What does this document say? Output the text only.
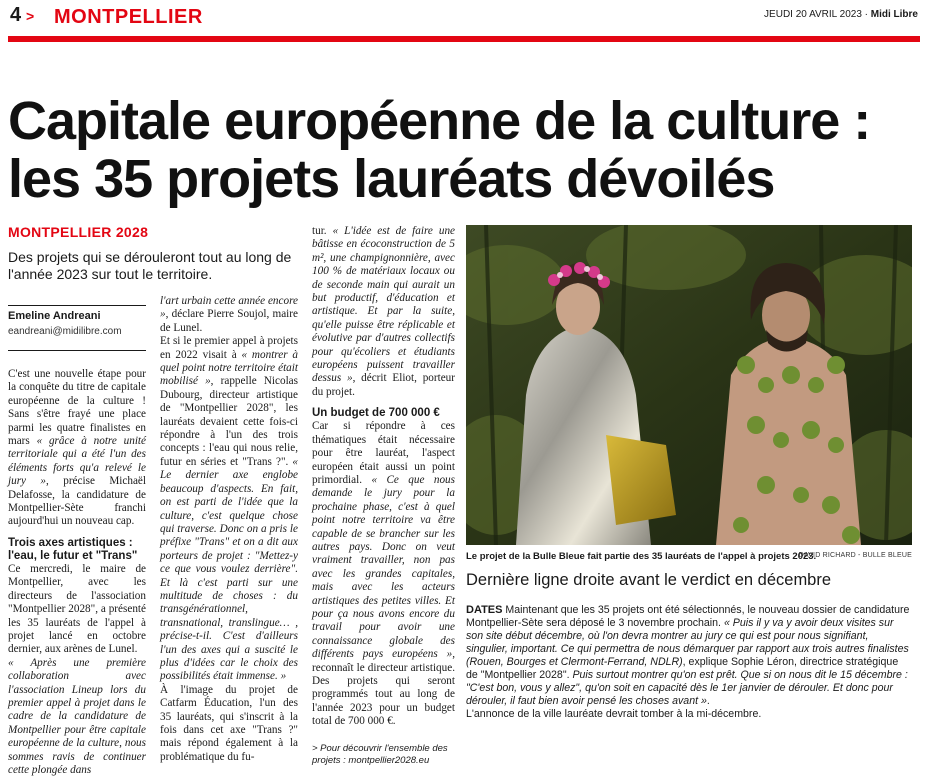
4 > MONTPELLIER	JEUDI 20 AVRIL 2023 · Midi Libre
Capitale européenne de la culture :
les 35 projets lauréats dévoilés
MONTPELLIER 2028
Des projets qui se dérouleront tout au long de l'année 2023 sur tout le territoire.
Emeline Andreani
eandreani@midilibre.com

C'est une nouvelle étape pour la conquête du titre de capitale européenne de la culture ! Sans s'être frayé une place parmi les quatre finalistes en mars « grâce à notre unité territoriale qui a été l'un des éléments forts qu'a relevé le jury », précise Michaël Delafosse, la candidature de Montpellier-Sète franchi aujourd'hui un nouveau cap.

Trois axes artistiques : l'eau, le futur et "Trans"

Ce mercredi, le maire de Montpellier, avec les directeurs de l'association "Montpellier 2028", a présenté les 35 lauréats de l'appel à projet lancé en octobre dernier, aux arènes de Lunel.

« Après une première collaboration avec l'association Lineup lors du premier appel à projet dans le cadre de la candidature de Montpellier pour être capitale européenne de la culture, nous sommes ravis de continuer cette plongée dans

l'art urbain cette année encore », déclare Pierre Soujol, maire de Lunel.

Et si le premier appel à projets en 2022 visait à « montrer à quel point notre territoire était mobilisé », rappelle Nicolas Dubourg, directeur artistique de "Montpellier 2028", les lauréats devaient cette fois-ci répondre à l'un des trois concepts : l'eau qui nous relie, futur en séries et "Trans ?". « Le dernier axe englobe beaucoup d'aspects. En fait, on est parti de l'idée que la culture, c'est quelque chose qui traverse. Donc on a pris le préfixe "Trans" et on a dit aux porteurs de projet : "Mettez-y ce que vous voulez derrière". Et là c'est parti sur une multitude de choses : du transgénérationnel, transnational, translingue… , précise-t-il. C'est d'ailleurs l'un des axes qui a suscité le plus d'idées car le choix des possibilités était immense. »

À l'image du projet de Catfarm Éducation, l'un des 35 lauréats, qui s'inscrit à la fois dans cet axe "Trans ?" mais répond également à la problématique du fu-

tur. « L'idée est de faire une bâtisse en écoconstruction de 5 m², une champignonnière, avec 100 % de matériaux locaux ou de seconde main qui aurait un but productif, d'éducation et artistique. Et par la suite, qu'elle puisse être réplicable et évolutive par d'autres collectifs pour qu'écoliers et étudiants européens puissent travailler dessus », décrit Eliot, porteur du projet.

Un budget de 700 000 €

Car si répondre à ces thématiques était nécessaire pour être lauréat, l'aspect européen était aussi un point primordial. « Ce que nous demande le jury pour la prochaine phase, c'est à quel point notre territoire va être capable de se brancher sur les autres pays. Donc on veut vraiment travailler, non pas avec les grandes capitales, mais avec les acteurs artistiques des petites villes. Et pour ça nous avons encore du travail pour avoir une connaissance globale des différents pays européens », reconnaît le directeur artistique. Des projets qui seront programmés tout au long de l'année 2023 pour un budget total de 700 000 €.

> Pour découvrir l'ensemble des projets : montpellier2028.eu

Le projet de la Bulle Bleue fait partie des 35 lauréats de l'appel à projets 2023.
DAVID RICHARD - BULLE BLEUE
Dernière ligne droite avant le verdict en décembre

DATES Maintenant que les 35 projets ont été sélectionnés, le nouveau dossier de candidature Montpellier-Sète sera déposé le 3 novembre prochain. « Puis il y va y avoir deux visites sur son site début décembre, où l'on devra montrer au jury ce qui est pour nous signifiant, singulier, important. Ce qui permettra de nous démarquer par rapport aux trois autres finalistes (Rouen, Bourges et Clermont-Ferrand, NDLR), explique Sophie Léron, directrice stratégique de "Montpellier 2028". Puis surtout montrer qu'on est prêt. Que si on nous dit le 15 décembre : "C'est bon, vous y allez", qu'on soit en capacité dès le 1er janvier de dérouler. Et donc pour dérouler, il faut bien avoir pensé les choses avant ».

L'annonce de la ville lauréate devrait tomber à la mi-décembre.
